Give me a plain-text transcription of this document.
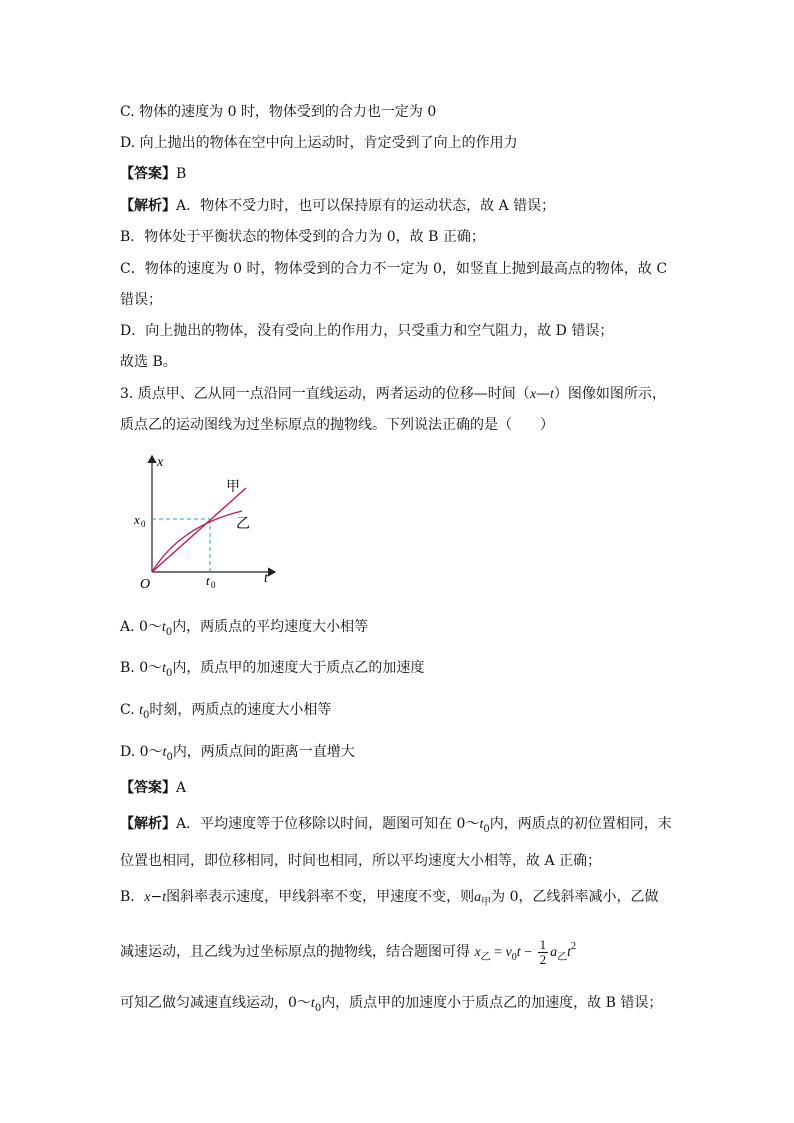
C. 物体的速度为 0 时，物体受到的合力也一定为 0
D. 向上抛出的物体在空中向上运动时，肯定受到了向上的作用力
【答案】B
【解析】A．物体不受力时，也可以保持原有的运动状态，故 A 错误；
B．物体处于平衡状态的物体受到的合力为 0，故 B 正确；
C．物体的速度为 0 时，物体受到的合力不一定为 0，如竖直上抛到最高点的物体，故 C
错误；
D．向上抛出的物体，没有受向上的作用力，只受重力和空气阻力，故 D 错误；
故选 B。
3. 质点甲、乙从同一点沿同一直线运动，两者运动的位移—时间（x—t）图像如图所示，
质点乙的运动图线为过坐标原点的抛物线。下列说法正确的是（　　）
x
t
O
x 0
t 0
甲
乙
A. $0\sim t_0$内，两质点的平均速度大小相等
B. $0\sim t_0$内，质点甲的加速度大于质点乙的加速度
C. $t_0$时刻，两质点的速度大小相等
D. $0\sim t_0$内，两质点间的距离一直增大
【答案】A
【解析】A．平均速度等于位移除以时间，题图可知在 $0\sim t_0$内，两质点的初位置相同，末
位置也相同，即位移相同，时间也相同，所以平均速度大小相等，故 A 正确；
B．x−t图斜率表示速度，甲线斜率不变，甲速度不变，则$a_甲$为 0，乙线斜率减小，乙做
减速运动，且乙线为过坐标原点的抛物线，结合题图可得 $x_乙 = v_0t - \frac{1}{2} a_乙t^2$
可知乙做匀减速直线运动，$0\sim t_0$内，质点甲的加速度小于质点乙的加速度，故 B 错误；
